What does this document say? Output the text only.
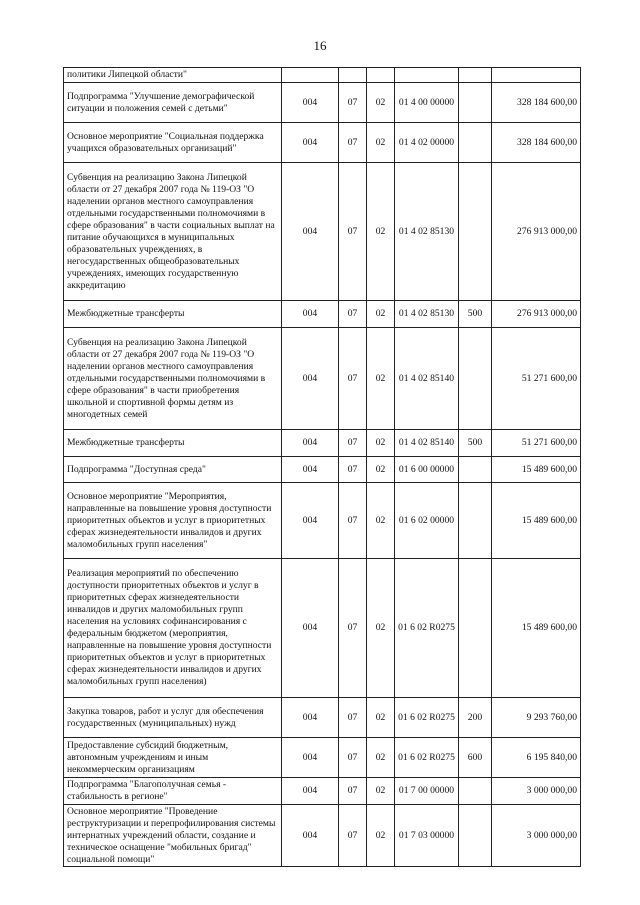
16
политики Липецкой области"						
Подпрограмма "Улучшение демографической ситуации и положения семей с детьми"	004	07	02	01 4 00 00000		328 184 600,00
Основное мероприятие "Социальная поддержка учащихся образовательных организаций"	004	07	02	01 4 02 00000		328 184 600,00
Субвенция на реализацию Закона Липецкой области от 27 декабря 2007 года № 119-ОЗ "О наделении органов местного самоуправления отдельными государственными полномочиями в сфере образования" в части социальных выплат на питание обучающихся в муниципальных образовательных учреждениях, в негосударственных общеобразовательных учреждениях, имеющих государственную аккредитацию	004	07	02	01 4 02 85130		276 913 000,00
Межбюджетные трансферты	004	07	02	01 4 02 85130	500	276 913 000,00
Субвенция на реализацию Закона Липецкой области от 27 декабря 2007 года № 119-ОЗ "О наделении органов местного самоуправления отдельными государственными полномочиями в сфере образования" в части приобретения школьной и спортивной формы детям из многодетных семей	004	07	02	01 4 02 85140		51 271 600,00
Межбюджетные трансферты	004	07	02	01 4 02 85140	500	51 271 600,00
Подпрограмма "Доступная среда"	004	07	02	01 6 00 00000		15 489 600,00
Основное мероприятие "Мероприятия, направленные на повышение уровня доступности приоритетных объектов и услуг в приоритетных сферах жизнедеятельности инвалидов и других маломобильных групп населения"	004	07	02	01 6 02 00000		15 489 600,00
Реализация мероприятий по обеспечению доступности приоритетных объектов и услуг в приоритетных сферах жизнедеятельности инвалидов и других маломобильных групп населения на условиях софинансирования с федеральным бюджетом (мероприятия, направленные на повышение уровня доступности приоритетных объектов и услуг в приоритетных сферах жизнедеятельности инвалидов и других маломобильных групп населения)	004	07	02	01 6 02 R0275		15 489 600,00
Закупка товаров, работ и услуг для обеспечения государственных (муниципальных) нужд	004	07	02	01 6 02 R0275	200	9 293 760,00
Предоставление субсидий бюджетным, автономным учреждениям и иным некоммерческим организациям	004	07	02	01 6 02 R0275	600	6 195 840,00
Подпрограмма "Благополучная семья - стабильность в регионе"	004	07	02	01 7 00 00000		3 000 000,00
Основное мероприятие "Проведение реструктуризации и перепрофилирования системы интернатных учреждений области, создание и техническое оснащение "мобильных бригад" социальной помощи"	004	07	02	01 7 03 00000		3 000 000,00
